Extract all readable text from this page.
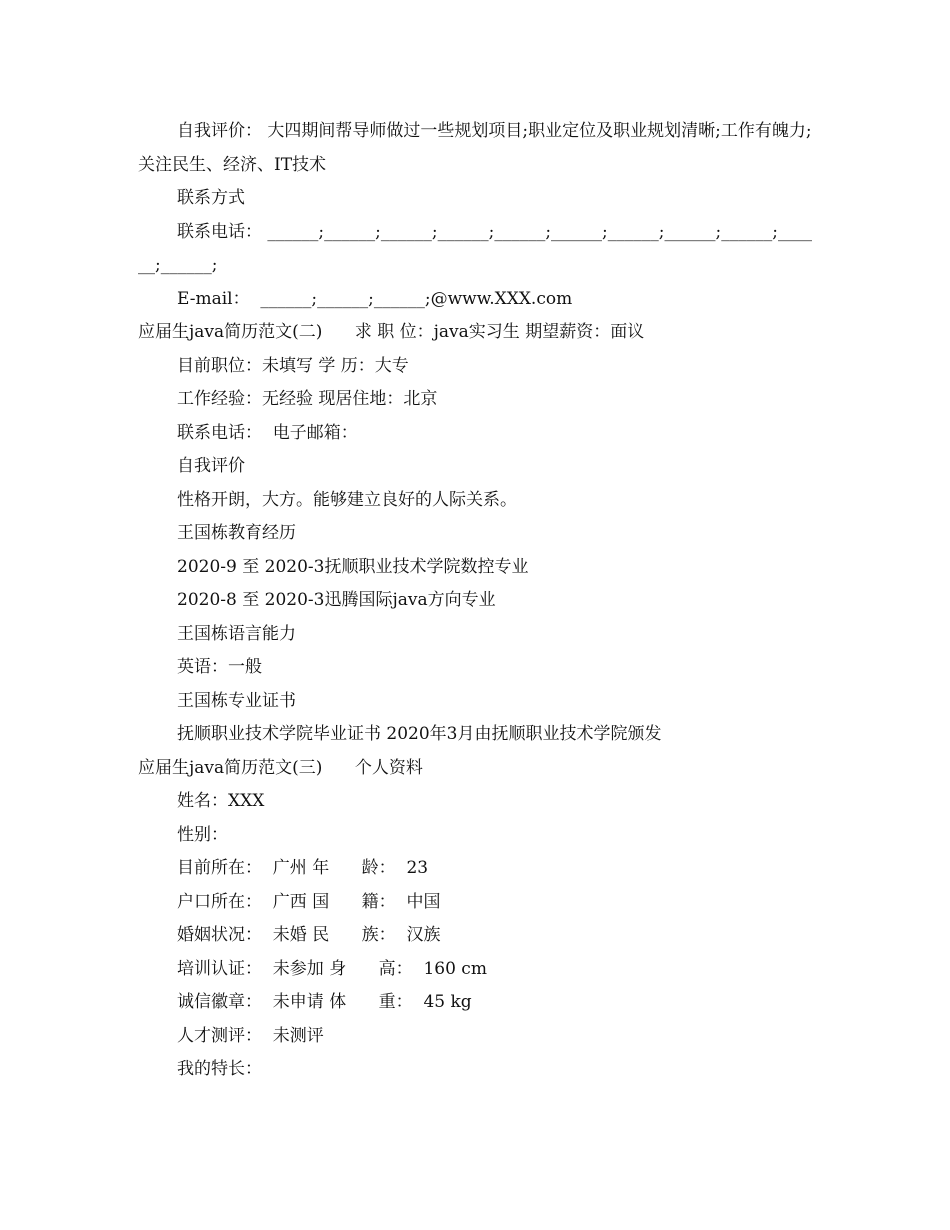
自我评价： 大四期间帮导师做过一些规划项目;职业定位及职业规划清晰;工作有魄力;关注民生、经济、IT技术
联系方式
联系电话： ______;______;______;______;______;______;______;______;______;______;______;
E-mail：  ______;______;______;@www.XXX.com
应届生java简历范文(二)      求 职 位：java实习生 期望薪资：面议
目前职位：未填写 学 历：大专
工作经验：无经验 现居住地：北京
联系电话：  电子邮箱：
自我评价
性格开朗，大方。能够建立良好的人际关系。
王国栋教育经历
2020-9 至 2020-3抚顺职业技术学院数控专业
2020-8 至 2020-3迅腾国际java方向专业
王国栋语言能力
英语：一般
王国栋专业证书
抚顺职业技术学院毕业证书 2020年3月由抚顺职业技术学院颁发
应届生java简历范文(三)      个人资料
姓名：XXX
性别：
目前所在：  广州 年      龄：  23
户口所在：  广西 国      籍：  中国
婚姻状况：  未婚 民      族：  汉族
培训认证：  未参加 身      高：  160 cm
诚信徽章：  未申请 体      重：  45 kg
人才测评：  未测评
我的特长：
